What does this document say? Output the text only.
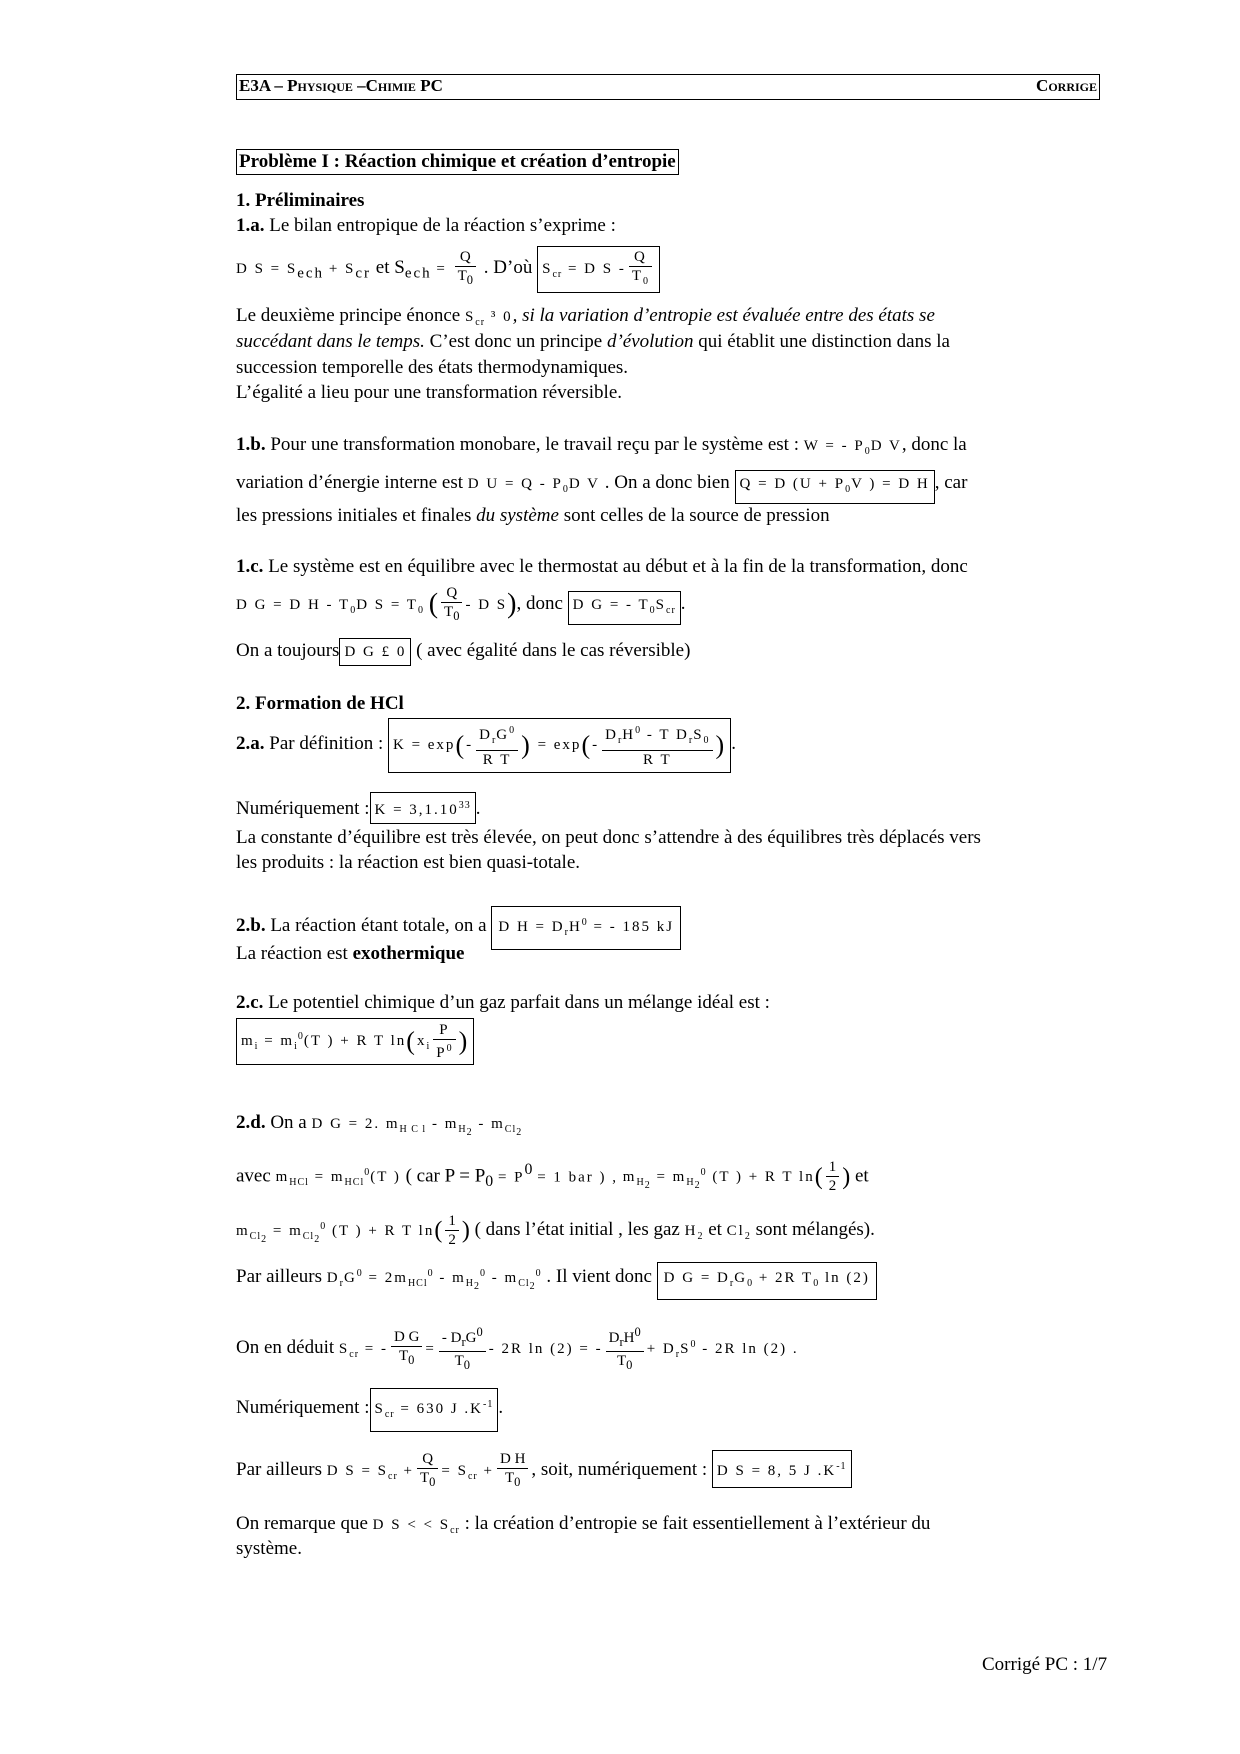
E3A – Physique –Chimie PC	Corrige
Problème I : Réaction chimique et création d’entropie
1. Préliminaires
1.a. Le bilan entropique de la réaction s’exprime :
D $S = S_{ech} + S_{cr}$ et $S_{ech} = \frac{Q}{T_0}$ . D’où $S_{cr} = D$ S - $\frac{Q}{T_0}$
Le deuxième principe énonce $S_{cr}$ ³ 0, si la variation d’entropie est évaluée entre des états se
succédant dans le temps. C’est donc un principe d’évolution qui établit une distinction dans la
succession temporelle des états thermodynamiques.
L’égalité a lieu pour une transformation réversible.
1.b. Pour une transformation monobare, le travail reçu par le système est : W = - $P_0D$ V, donc la
variation d’énergie interne est D $U = Q - P_0D$ V . On a donc bien Q = D ($U + P_0V$ ) = D H , car
les pressions initiales et finales du système sont celles de la source de pression
1.c. Le système est en équilibre avec le thermostat au début et à la fin de la transformation, donc
D G = D H - $T_0D$ $S = T_0$ ( $\frac{Q}{T_0}$ - D S), donc D G = - $T_0S_{cr}$ .
On a toujours D G £ 0 ( avec égalité dans le cas réversible)
2. Formation de HCl
2.a. Par définition : $K = \exp(- \frac{D_rG^0}{\text{R T}}$ ) = $\exp(- \frac{D_rH^0 - T D_rS_0}{\text{R T}}$ ) .
Numériquement : $K = 3,1.10^{33}$ .
La constante d’équilibre est très élevée, on peut donc s’attendre à des équilibres très déplacés vers
les produits : la réaction est bien quasi-totale.
2.b. La réaction étant totale, on a D $H = D_rH^0$ = - 185 kJ
La réaction est exothermique
2.c. Le potentiel chimique d’un gaz parfait dans un mélange idéal est :
$m_i = m_i^0(T$ ) + R T $\ln(x_i \frac{P}{P^0}$ )
2.d. On a D G = 2. $m_{H C l} - m_{H_2} - m_{Cl_2}$
avec $m_{HCl} = m_{HCl}^0(T$ ) ( car $P = P_0 = P^0 = 1$ bar ) , $m_{H_2} = m_{H_2}^0$ (T ) + R T $\ln( \frac{1}{2}$ ) et
$m_{Cl_2} = m_{Cl_2}^0$ (T ) + R T $\ln( \frac{1}{2}$ ) ( dans l’état initial , les gaz $H_2$ et $Cl_2$ sont mélangés).
Par ailleurs $D_rG^0 = 2m_{HCl}^0 - m_{H_2}^0 - m_{Cl_2}^0$ . Il vient donc D $G = D_rG_0 + 2R$ $T_0$ ln (2)
On en déduit $S_{cr}$ = - $\frac{\text{D G}}{T_0} = \frac{- D_rG^0}{T_0} - 2R$ ln (2) = - $\frac{D_rH^0}{T_0} + D_rS^0 - 2R$ ln (2) .
Numériquement : $S_{cr} = 630$ J $.K^{-1}$ .
Par ailleurs D $S = S_{cr} + \frac{Q}{T_0} = S_{cr} + \frac{\text{D H}}{T_0}$ , soit, numériquement : D S = 8, 5 J $.K^{-1}$
On remarque que D S < < $S_{cr}$ : la création d’entropie se fait essentiellement à l’extérieur du
système.
Corrigé PC : 1/7
